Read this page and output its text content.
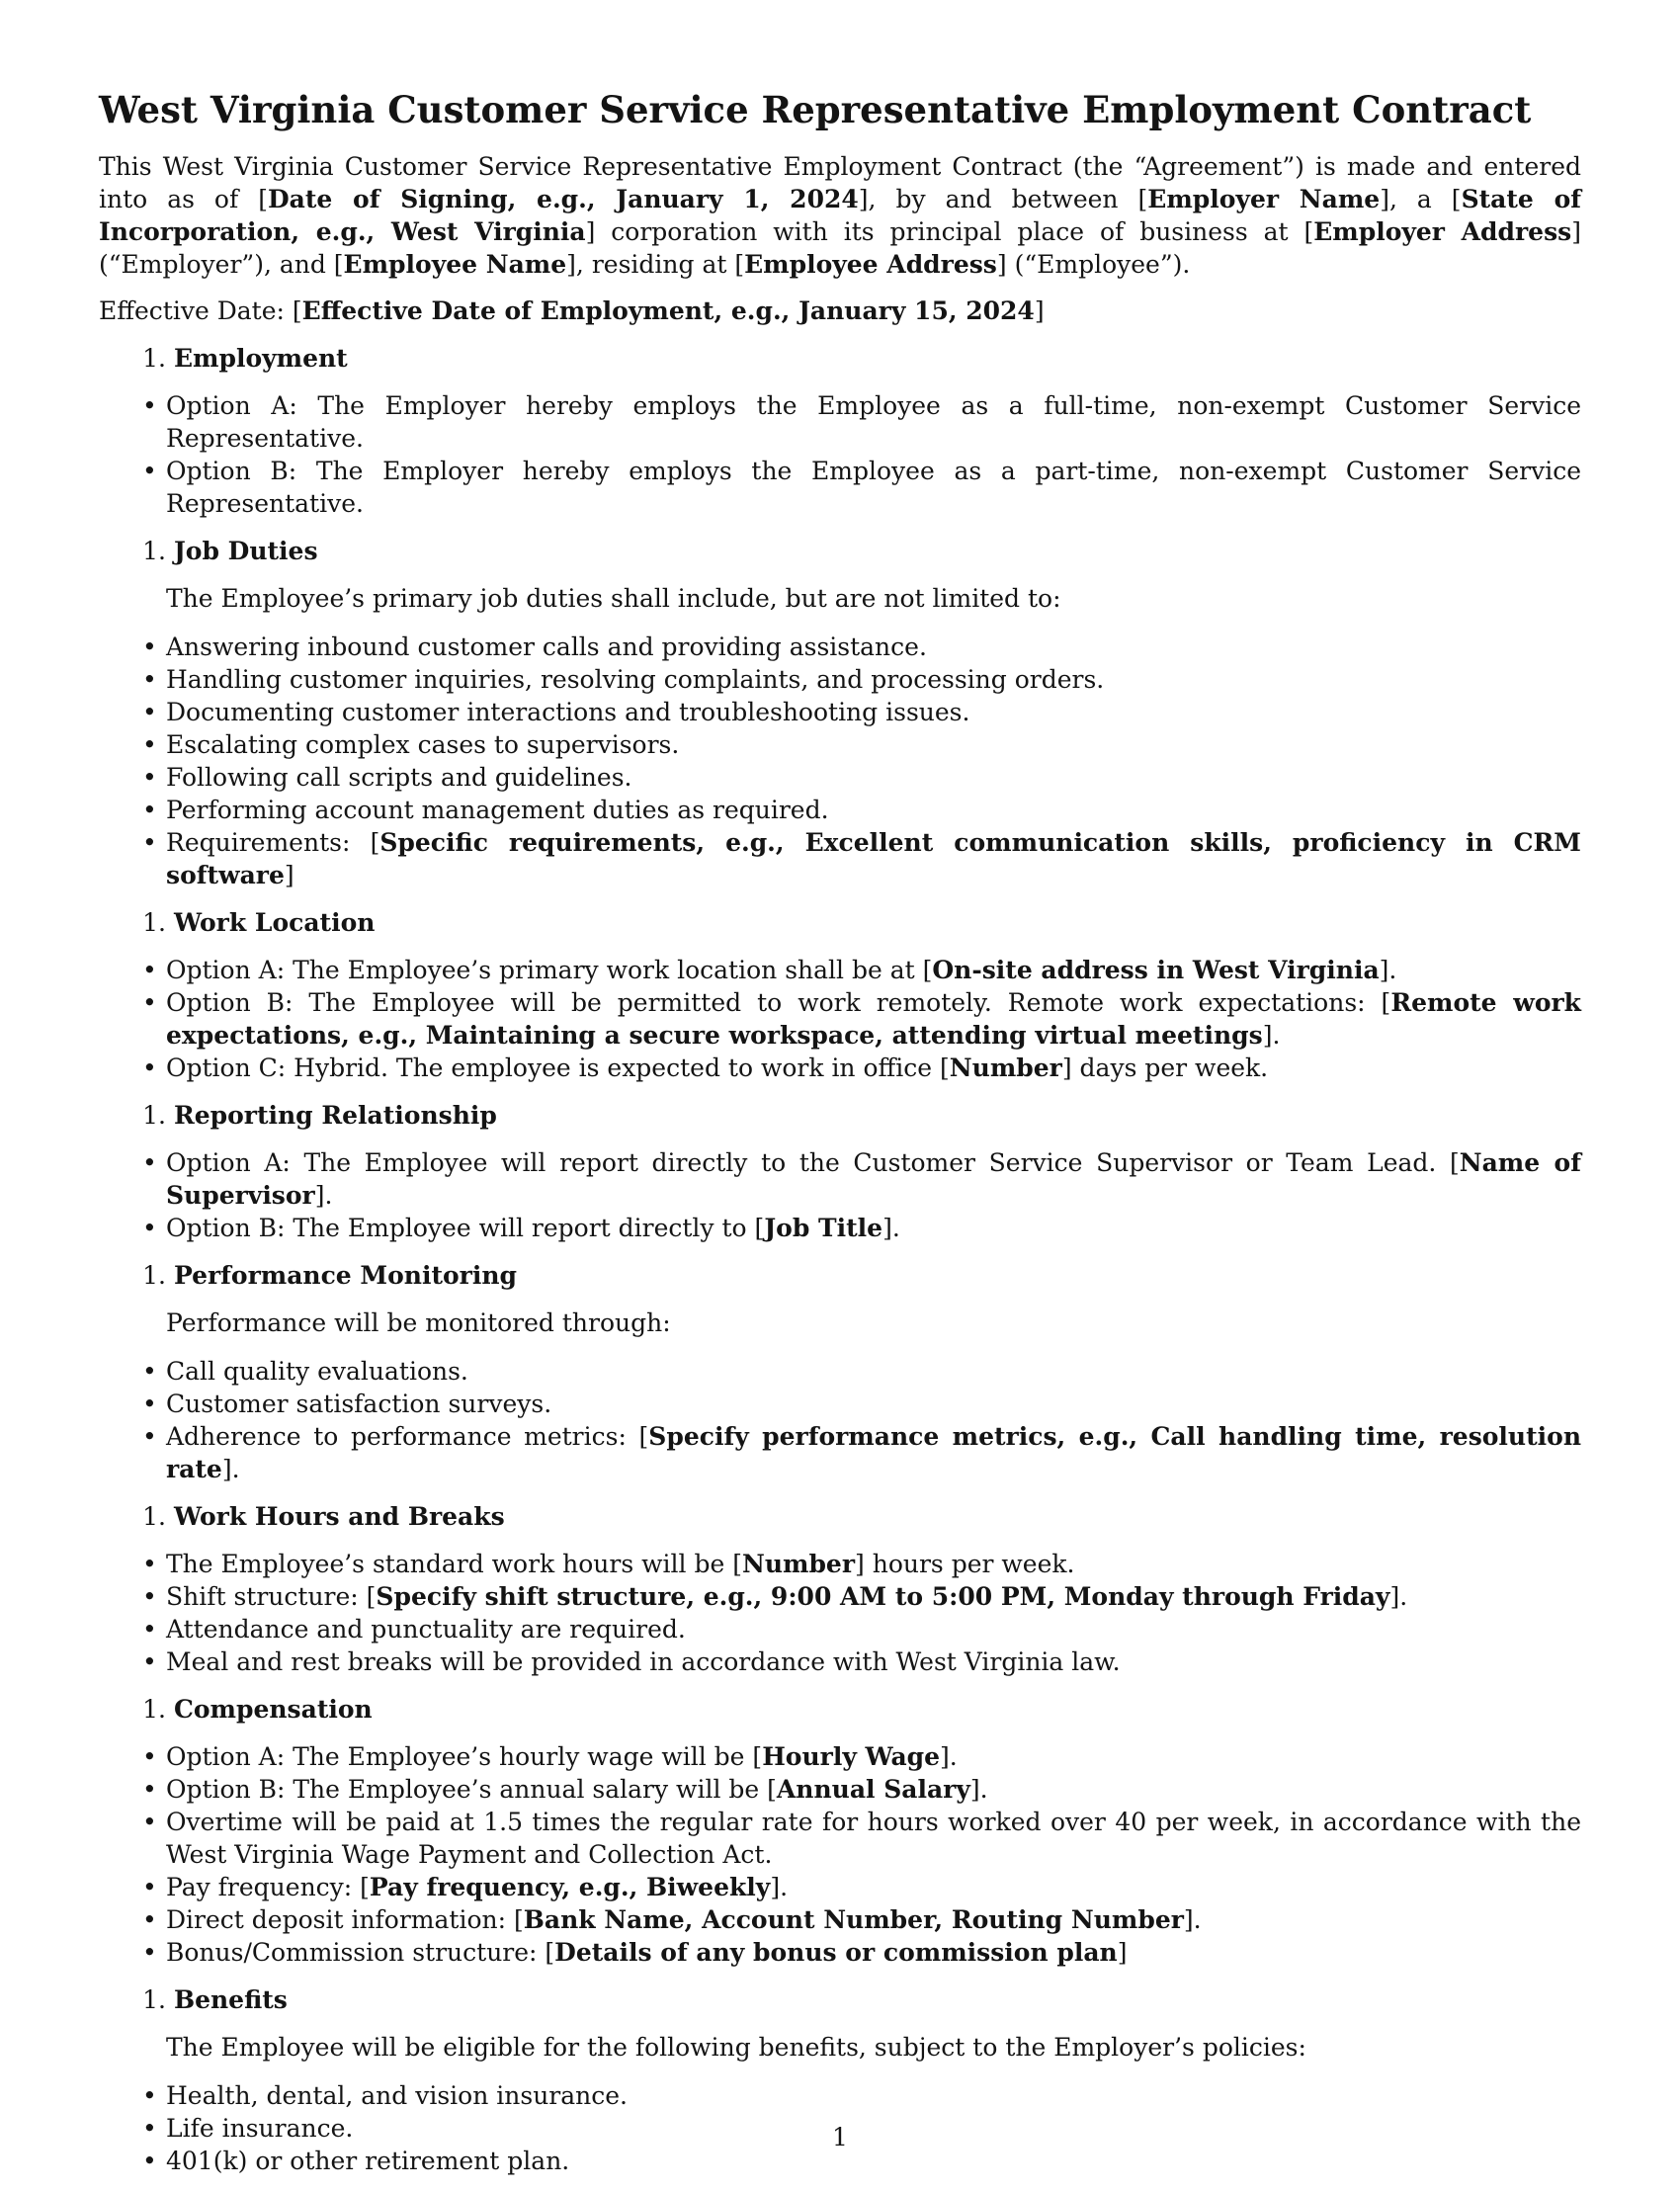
West Virginia Customer Service Representative Employment Contract

This West Virginia Customer Service Representative Employment Contract (the “Agreement”) is made and entered into as of [Date of Signing, e.g., January 1, 2024], by and between [Employer Name], a [State of Incorporation, e.g., West Virginia] corporation with its principal place of business at [Employer Address] (“Employer”), and [Employee Name], residing at [Employee Address] (“Employee”).

Effective Date: [Effective Date of Employment, e.g., January 15, 2024]

1.
Employment
• Option A: The Employer hereby employs the Employee as a full-time, non-exempt Customer Service Representative.
• Option B: The Employer hereby employs the Employee as a part-time, non-exempt Customer Service Representative.
1.
Job Duties

The Employee’s primary job duties shall include, but are not limited to:

• Answering inbound customer calls and providing assistance.
• Handling customer inquiries, resolving complaints, and processing orders.
• Documenting customer interactions and troubleshooting issues.
• Escalating complex cases to supervisors.
• Following call scripts and guidelines.
• Performing account management duties as required.
• Requirements: [Specific requirements, e.g., Excellent communication skills, proficiency in CRM software]
1.
Work Location
• Option A: The Employee’s primary work location shall be at [On-site address in West Virginia].
• Option B: The Employee will be permitted to work remotely. Remote work expectations: [Remote work expectations, e.g., Maintaining a secure workspace, attending virtual meetings].
• Option C: Hybrid. The employee is expected to work in office [Number] days per week.
1.
Reporting Relationship
• Option A: The Employee will report directly to the Customer Service Supervisor or Team Lead. [Name of Supervisor].
• Option B: The Employee will report directly to [Job Title].
1.
Performance Monitoring

Performance will be monitored through:

• Call quality evaluations.
• Customer satisfaction surveys.
• Adherence to performance metrics: [Specify performance metrics, e.g., Call handling time, resolution rate].
1.
Work Hours and Breaks
• The Employee’s standard work hours will be [Number] hours per week.
• Shift structure: [Specify shift structure, e.g., 9:00 AM to 5:00 PM, Monday through Friday].
• Attendance and punctuality are required.
• Meal and rest breaks will be provided in accordance with West Virginia law.
1.
Compensation
• Option A: The Employee’s hourly wage will be [Hourly Wage].
• Option B: The Employee’s annual salary will be [Annual Salary].
• Overtime will be paid at 1.5 times the regular rate for hours worked over 40 per week, in accordance with the West Virginia Wage Payment and Collection Act.
• Pay frequency: [Pay frequency, e.g., Biweekly].
• Direct deposit information: [Bank Name, Account Number, Routing Number].
• Bonus/Commission structure: [Details of any bonus or commission plan]
1.
Benefits

The Employee will be eligible for the following benefits, subject to the Employer’s policies:

• Health, dental, and vision insurance.
• Life insurance.
• 401(k) or other retirement plan.
1
